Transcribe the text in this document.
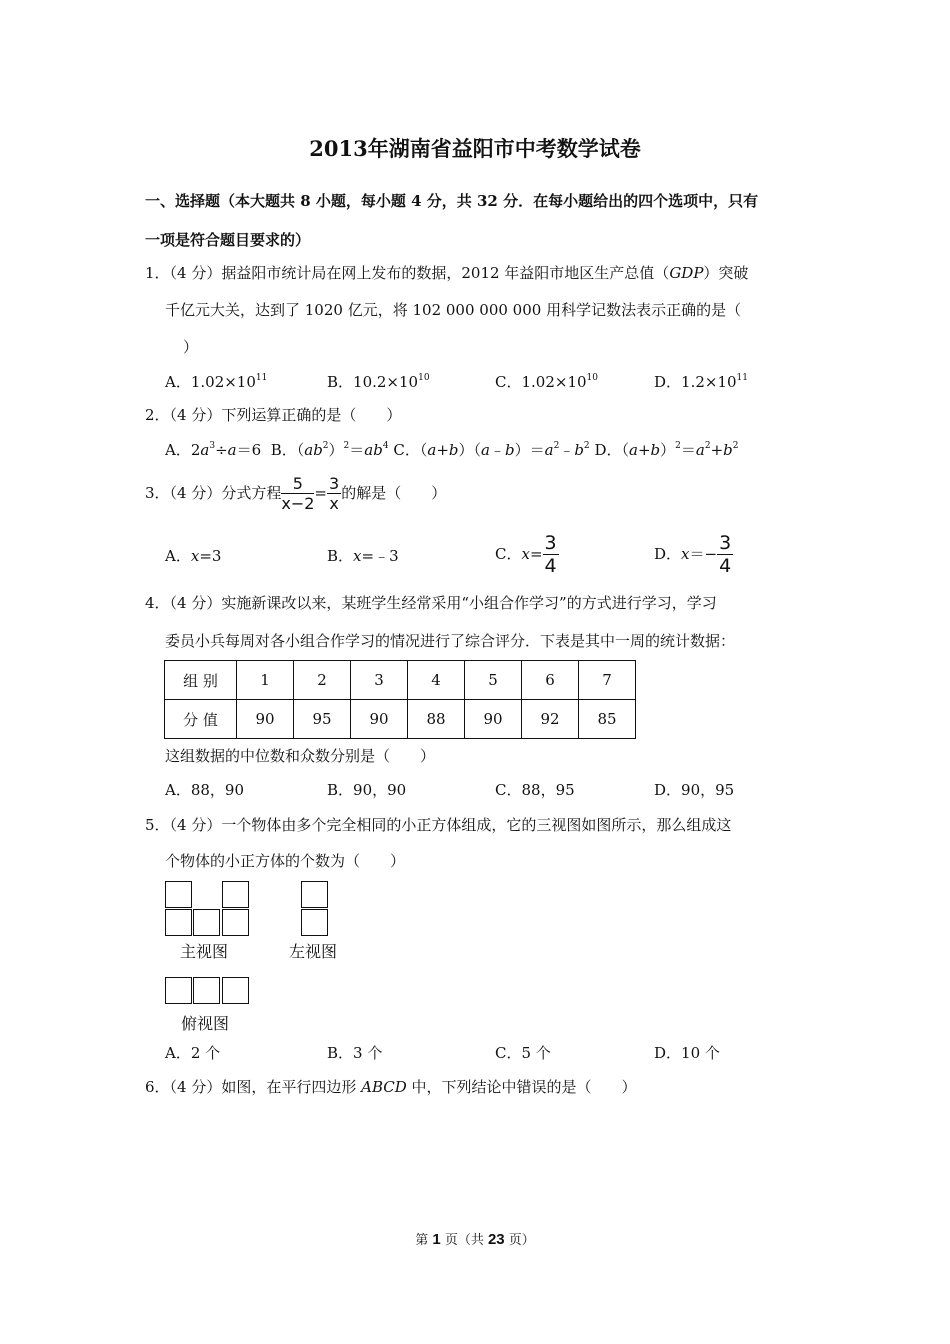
2013年湖南省益阳市中考数学试卷
一、选择题（本大题共 8 小题，每小题 4 分，共 32 分．在每小题给出的四个选项中，只有
一项是符合题目要求的）
1．（4 分）据益阳市统计局在网上发布的数据，2012 年益阳市地区生产总值（GDP）突破
千亿元大关，达到了 1020 亿元，将 102 000 000 000 用科学记数法表示正确的是（
）
A．$1.02\times 10^{11}$	B．$10.2\times 10^{10}$	C．$1.02\times 10^{10}$	D．$1.2\times 10^{11}$
2．（4 分）下列运算正确的是（　　）
A．$2a^3\div a=6$  B．$(ab^2)^2=ab^4$ C．$(a+b)(a﹣b)=a^2﹣b^2$ D．$(a+b)^2=a^2+b^2$
3．（4 分）分式方程 $\frac{5}{x-2} = \frac{3}{x}$ 的解是（　　）
A．x=3	B．x=﹣3	C．$x= \frac{3}{4}$	D．$x=- \frac{3}{4}$
4．（4 分）实施新课改以来，某班学生经常采用“小组合作学习”的方式进行学习，学习
委员小兵每周对各小组合作学习的情况进行了综合评分．下表是其中一周的统计数据：
组 别	1	2	3	4	5	6	7
分 值	90	95	90	88	90	92	85
这组数据的中位数和众数分别是（　　）
A．88，90	B．90，90	C．88，95	D．90，95
5．（4 分）一个物体由多个完全相同的小正方体组成，它的三视图如图所示，那么组成这
个物体的小正方体的个数为（　　）
主视图	左视图
俯视图
A．2 个	B．3 个	C．5 个	D．10 个
6．（4 分）如图，在平行四边形 ABCD 中，下列结论中错误的是（　　）
第 1 页（共 23 页）
